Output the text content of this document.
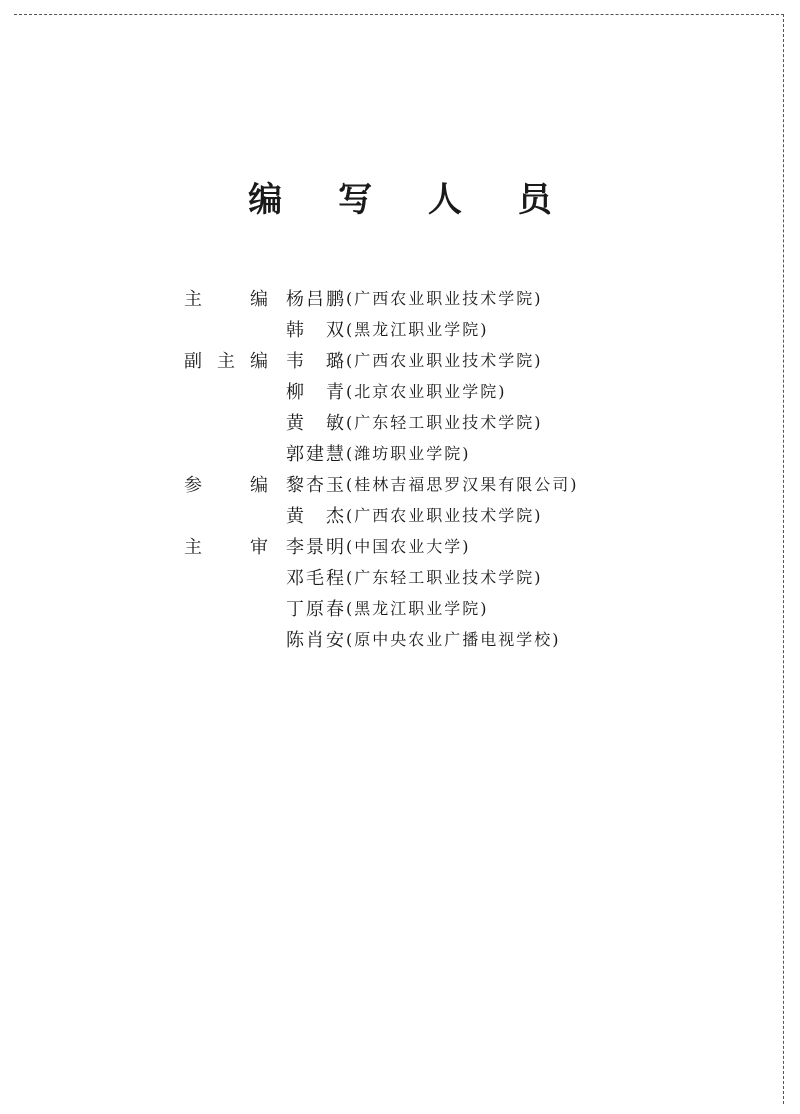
编 写 人 员
主	编 杨吕鹏 (广西农业职业技术学院)
韩　双 (黑龙江职业学院)
副 主 编 韦　璐 (广西农业职业技术学院)
柳　青 (北京农业职业学院)
黄　敏 (广东轻工职业技术学院)
郭建慧 (潍坊职业学院)
参	编 黎杏玉 (桂林吉福思罗汉果有限公司)
黄　杰 (广西农业职业技术学院)
主	审 李景明 (中国农业大学)
邓毛程 (广东轻工职业技术学院)
丁原春 (黑龙江职业学院)
陈肖安 (原中央农业广播电视学校)
